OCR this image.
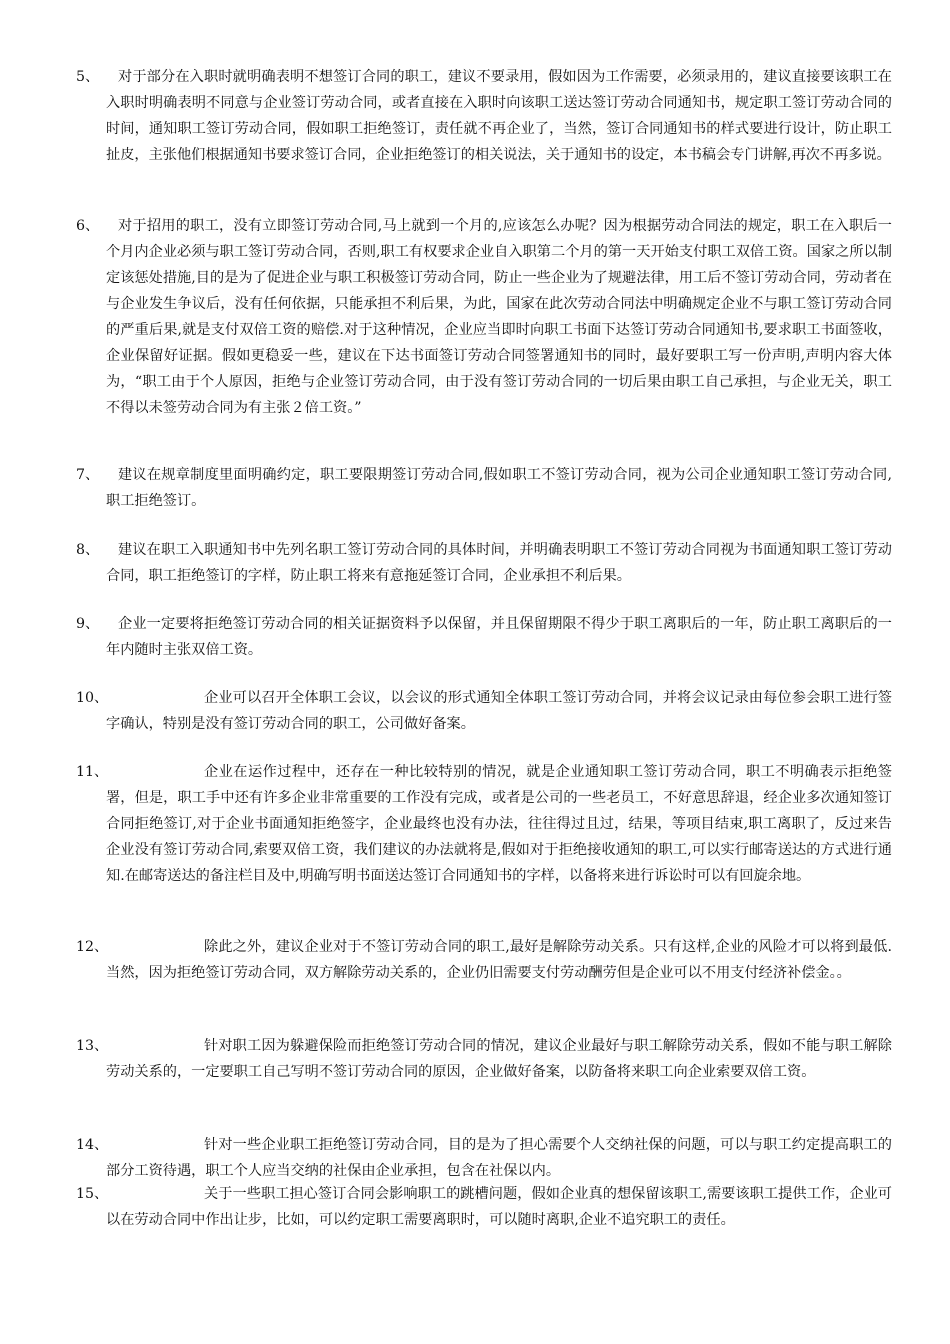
5、	对于部分在入职时就明确表明不想签订合同的职工，建议不要录用，假如因为工作需要，必须录用的，建议直接要该职工在入职时明确表明不同意与企业签订劳动合同，或者直接在入职时向该职工送达签订劳动合同通知书，规定职工签订劳动合同的时间，通知职工签订劳动合同，假如职工拒绝签订，责任就不再企业了，当然，签订合同通知书的样式要进行设计，防止职工扯皮，主张他们根据通知书要求签订合同，企业拒绝签订的相关说法，关于通知书的设定，本书稿会专门讲解,再次不再多说。

6、	对于招用的职工，没有立即签订劳动合同,马上就到一个月的,应该怎么办呢？因为根据劳动合同法的规定，职工在入职后一个月内企业必须与职工签订劳动合同，否则,职工有权要求企业自入职第二个月的第一天开始支付职工双倍工资。国家之所以制定该惩处措施,目的是为了促进企业与职工积极签订劳动合同，防止一些企业为了规避法律，用工后不签订劳动合同，劳动者在与企业发生争议后，没有任何依据，只能承担不利后果，为此，国家在此次劳动合同法中明确规定企业不与职工签订劳动合同的严重后果,就是支付双倍工资的赔偿.对于这种情况，企业应当即时向职工书面下达签订劳动合同通知书,要求职工书面签收，企业保留好证据。假如更稳妥一些，建议在下达书面签订劳动合同签署通知书的同时，最好要职工写一份声明,声明内容大体为，“职工由于个人原因，拒绝与企业签订劳动合同，由于没有签订劳动合同的一切后果由职工自己承担，与企业无关，职工不得以未签劳动合同为有主张２倍工资。”

7、	建议在规章制度里面明确约定，职工要限期签订劳动合同,假如职工不签订劳动合同，视为公司企业通知职工签订劳动合同,职工拒绝签订。

8、	建议在职工入职通知书中先列名职工签订劳动合同的具体时间，并明确表明职工不签订劳动合同视为书面通知职工签订劳动合同，职工拒绝签订的字样，防止职工将来有意拖延签订合同，企业承担不利后果。

9、	企业一定要将拒绝签订劳动合同的相关证据资料予以保留，并且保留期限不得少于职工离职后的一年，防止职工离职后的一年内随时主张双倍工资。

10、	企业可以召开全体职工会议，以会议的形式通知全体职工签订劳动合同，并将会议记录由每位参会职工进行签字确认，特别是没有签订劳动合同的职工，公司做好备案。

11、	企业在运作过程中，还存在一种比较特别的情况，就是企业通知职工签订劳动合同，职工不明确表示拒绝签署，但是，职工手中还有许多企业非常重要的工作没有完成，或者是公司的一些老员工，不好意思辞退，经企业多次通知签订合同拒绝签订,对于企业书面通知拒绝签字，企业最终也没有办法，往往得过且过，结果，等项目结束,职工离职了，反过来告企业没有签订劳动合同,索要双倍工资，我们建议的办法就将是,假如对于拒绝接收通知的职工,可以实行邮寄送达的方式进行通知.在邮寄送达的备注栏目及中,明确写明书面送达签订合同通知书的字样，以备将来进行诉讼时可以有回旋余地。

12、	除此之外，建议企业对于不签订劳动合同的职工,最好是解除劳动关系。只有这样,企业的风险才可以将到最低.当然，因为拒绝签订劳动合同，双方解除劳动关系的，企业仍旧需要支付劳动酬劳但是企业可以不用支付经济补偿金。。

13、	针对职工因为躲避保险而拒绝签订劳动合同的情况，建议企业最好与职工解除劳动关系，假如不能与职工解除劳动关系的，一定要职工自己写明不签订劳动合同的原因，企业做好备案，以防备将来职工向企业索要双倍工资。

14、	针对一些企业职工拒绝签订劳动合同，目的是为了担心需要个人交纳社保的问题，可以与职工约定提高职工的部分工资待遇，职工个人应当交纳的社保由企业承担，包含在社保以内。

15、	关于一些职工担心签订合同会影响职工的跳槽问题，假如企业真的想保留该职工,需要该职工提供工作，企业可以在劳动合同中作出让步，比如，可以约定职工需要离职时，可以随时离职,企业不追究职工的责任。
